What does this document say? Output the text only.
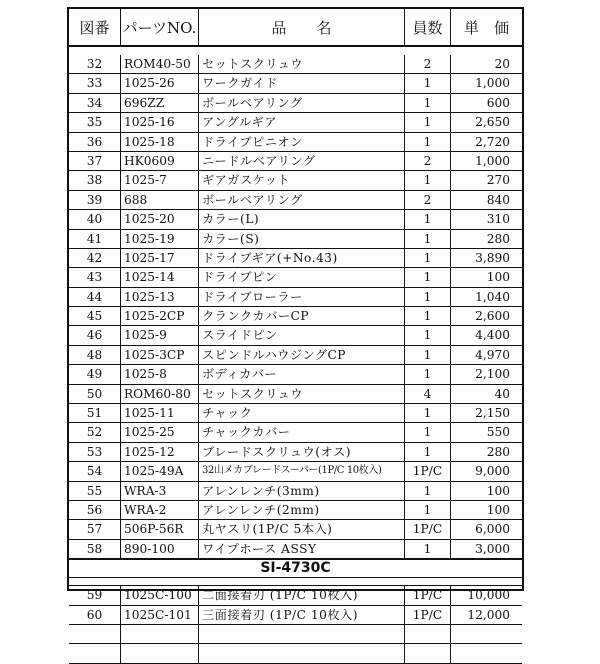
図番 パーツNO.	品　　名	員数	単　価
32	ROM40-50 セットスクリュウ	2	20
33	1025-26	ワークガイド	1	1,000
34	696ZZ	ボールベアリング	1	600
35	1025-16	アングルギア	1	2,650
36	1025-18	ドライブピニオン	1	2,720
37	HK0609	ニードルベアリング	2	1,000
38	1025-7	ギアガスケット	1	270
39	688	ボールベアリング	2	840
40	1025-20	カラー(L)	1	310
41	1025-19	カラー(S)	1	280
42	1025-17	ドライブギア(+No.43)	1	3,890
43	1025-14	ドライブピン	1	100
44	1025-13	ドライブローラー	1	1,040
45	1025-2CP	クランクカバーCP	1	2,600
46	1025-9	スライドピン	1	4,400
48	1025-3CP	スピンドルハウジングCP	1	4,970
49	1025-8	ボディカバー	1	2,100
50	ROM60-80 セットスクリュウ	4	40
51	1025-11	チャック	1	2,150
52	1025-25	チャックカバー	1	550
53	1025-12	ブレードスクリュウ(オス)	1	280
54	1025-49A	32山メカブレードスーパー(1P/C 10枚入)	1P/C	9,000
55	WRA-3	アレンレンチ(3mm)	1	100
56	WRA-2	アレンレンチ(2mm)	1	100
57	506P-56R	丸ヤスリ(1P/C 5本入)	1P/C	6,000
58	890-100	ワイプホース ASSY	1	3,000
SI-4730C
59	1025C-100 二面接着刃 (1P/C 10枚入)	1P/C	10,000
60	1025C-101 三面接着刃 (1P/C 10枚入)	1P/C	12,000
